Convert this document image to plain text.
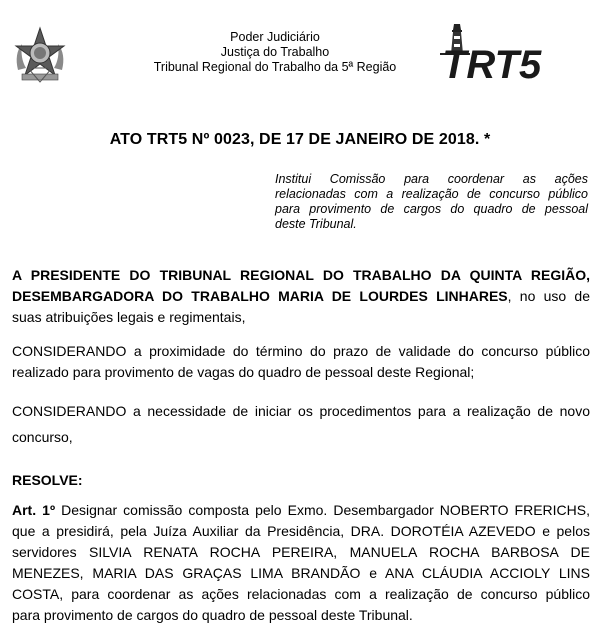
Poder Judiciário
Justiça do Trabalho
Tribunal Regional do Trabalho da 5ª Região	TRT5
ATO TRT5 Nº 0023, DE 17 DE JANEIRO DE 2018. *
Institui Comissão para coordenar as ações
relacionadas com a realização de concurso público
para provimento de cargos do quadro de pessoal
deste Tribunal.
A PRESIDENTE DO TRIBUNAL REGIONAL DO TRABALHO DA QUINTA REGIÃO,
DESEMBARGADORA DO TRABALHO MARIA DE LOURDES LINHARES, no uso de
suas atribuições legais e regimentais,
CONSIDERANDO a proximidade do término do prazo de validade do concurso público
realizado para provimento de vagas do quadro de pessoal deste Regional;
CONSIDERANDO a necessidade de iniciar os procedimentos para a realização de novo
concurso,
RESOLVE:
Art. 1º Designar comissão composta pelo Exmo. Desembargador NOBERTO FRERICHS,
que a presidirá, pela Juíza Auxiliar da Presidência, DRA. DOROTÉIA AZEVEDO e pelos
servidores SILVIA RENATA ROCHA PEREIRA, MANUELA ROCHA BARBOSA DE
MENEZES, MARIA DAS GRAÇAS LIMA BRANDÃO e ANA CLÁUDIA ACCIOLY LINS
COSTA, para coordenar as ações relacionadas com a realização de concurso público
para provimento de cargos do quadro de pessoal deste Tribunal.
